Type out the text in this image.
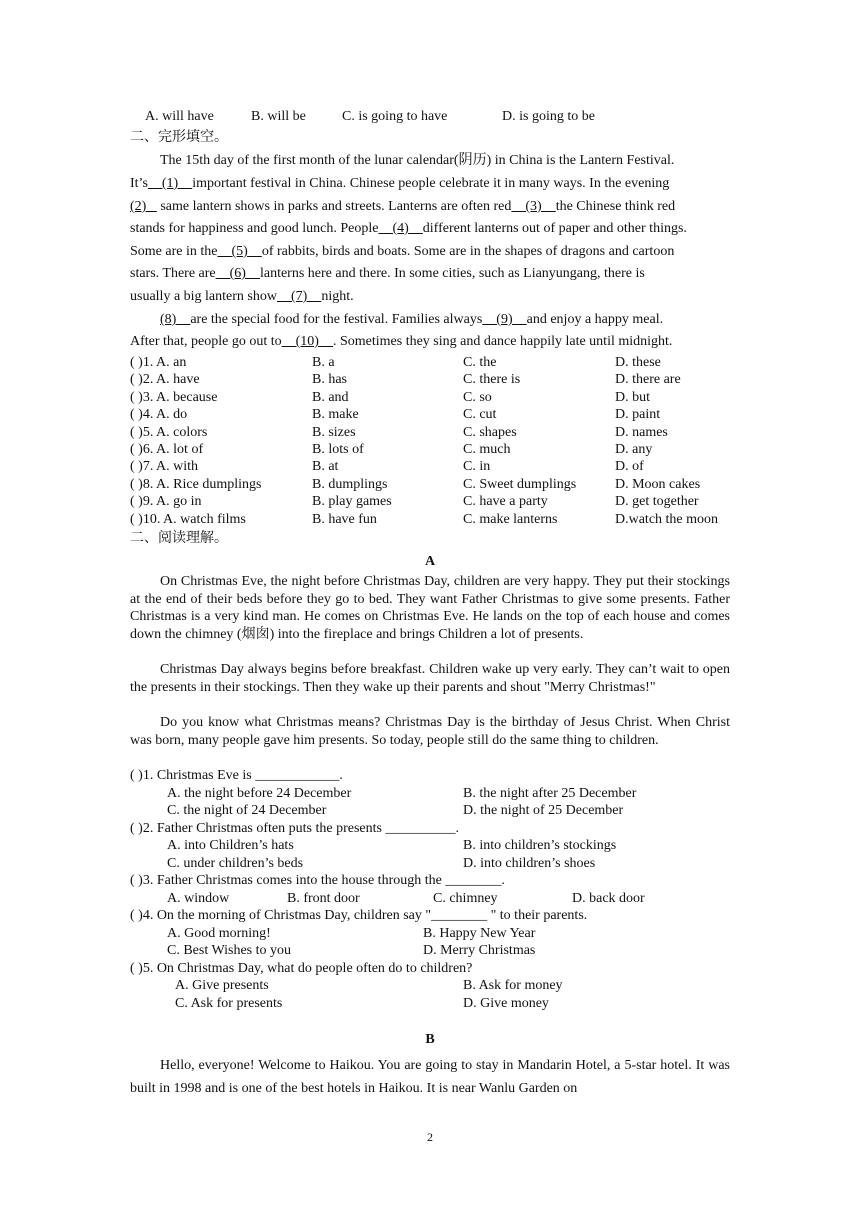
A. will have	B. will be	C. is going to have	D. is going to be
二、完形填空。
The 15th day of the first month of the lunar calendar(阴历) in China is the Lantern Festival.
It’s    (1)    important festival in China. Chinese people celebrate it in many ways. In the evening
(2)    same lantern shows in parks and streets. Lanterns are often red    (3)    the Chinese think red
stands for happiness and good lunch. People    (4)    different lanterns out of paper and other things.
Some are in the    (5)    of rabbits, birds and boats. Some are in the shapes of dragons and cartoon
stars. There are    (6)    lanterns here and there. In some cities, such as Lianyungang, there is
usually a big lantern show    (7)    night.
(8)    are the special food for the festival. Families always    (9)    and enjoy a happy meal.
After that, people go out to    (10)    . Sometimes they sing and dance happily late until midnight.
( )1. A. an	B. a	C. the	D. these
( )2. A. have	B. has	C. there is	D. there are
( )3. A. because	B. and	C. so	D. but
( )4. A. do	B. make	C. cut	D. paint
( )5. A. colors	B. sizes	C. shapes	D. names
( )6. A. lot of	B. lots of	C. much	D. any
( )7. A. with	B. at	C. in	D. of
( )8. A. Rice dumplings	B. dumplings	C. Sweet dumplings	D. Moon cakes
( )9. A. go in	B. play games	C. have a party	D. get together
( )10. A. watch films	B. have fun	C. make lanterns	D.watch the moon
二、阅读理解。
A
On Christmas Eve, the night before Christmas Day, children are very happy. They put their stockings at the end of their beds before they go to bed. They want Father Christmas to give some presents. Father Christmas is a very kind man. He comes on Christmas Eve. He lands on the top of each house and comes down the chimney (烟囱) into the fireplace and brings Children a lot of presents.
Christmas Day always begins before breakfast. Children wake up very early. They can’t wait to open the presents in their stockings. Then they wake up their parents and shout "Merry Christmas!"
Do you know what Christmas means? Christmas Day is the birthday of Jesus Christ. When Christ was born, many people gave him presents. So today, people still do the same thing to children.
( )1. Christmas Eve is ____________.
A. the night before 24 December	B. the night after 25 December
C. the night of 24 December	D. the night of 25 December
( )2. Father Christmas often puts the presents __________.
A. into Children’s hats	B. into children’s stockings
C. under children’s beds	D. into children’s shoes
( )3. Father Christmas comes into the house through the ________.
A. window	B. front door	C. chimney	D. back door
( )4. On the morning of Christmas Day, children say "________ " to their parents.
A. Good morning!	B. Happy New Year
C. Best Wishes to you	D. Merry Christmas
( )5. On Christmas Day, what do people often do to children?
A. Give presents	B. Ask for money
C. Ask for presents	D. Give money
B
Hello, everyone! Welcome to Haikou. You are going to stay in Mandarin Hotel, a 5-star hotel. It was built in 1998 and is one of the best hotels in Haikou. It is near Wanlu Garden on
2
